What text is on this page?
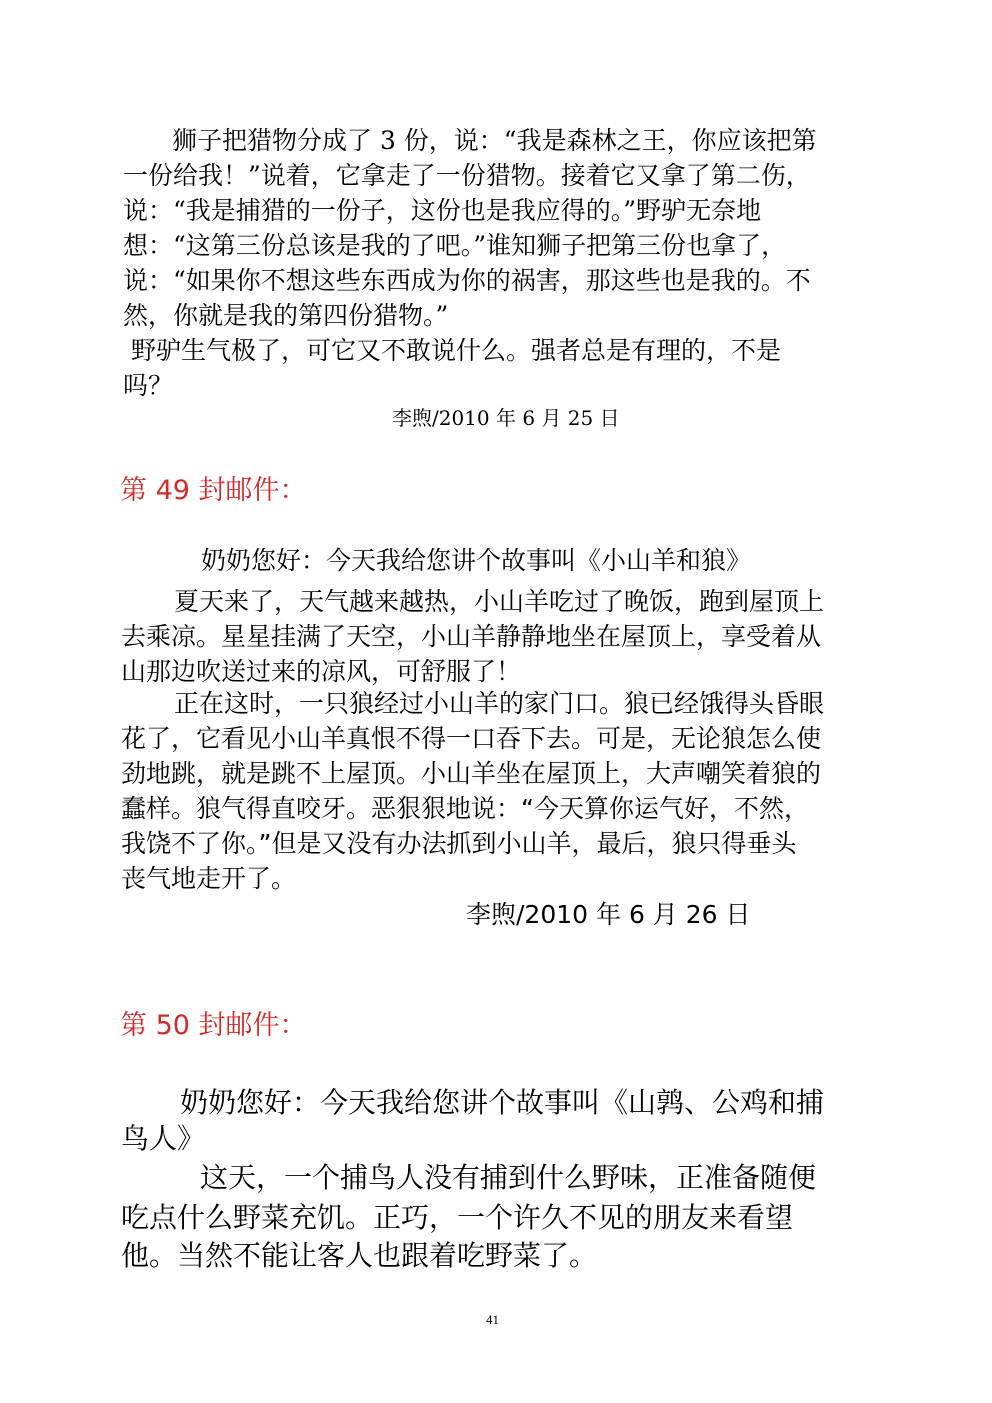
狮子把猎物分成了 3 份，说：“我是森林之王，你应该把第
一份给我！”说着，它拿走了一份猎物。接着它又拿了第二伤，
说：“我是捕猎的一份子，这份也是我应得的。”野驴无奈地
想：“这第三份总该是我的了吧。”谁知狮子把第三份也拿了，
说：“如果你不想这些东西成为你的祸害，那这些也是我的。不
然，你就是我的第四份猎物。”
野驴生气极了，可它又不敢说什么。强者总是有理的，不是
吗？
李煦/2010 年 6 月 25 日
第 49 封邮件：
奶奶您好：今天我给您讲个故事叫《小山羊和狼》
夏天来了，天气越来越热，小山羊吃过了晚饭，跑到屋顶上
去乘凉。星星挂满了天空，小山羊静静地坐在屋顶上，享受着从
山那边吹送过来的凉风，可舒服了！
正在这时，一只狼经过小山羊的家门口。狼已经饿得头昏眼
花了，它看见小山羊真恨不得一口吞下去。可是，无论狼怎么使
劲地跳，就是跳不上屋顶。小山羊坐在屋顶上，大声嘲笑着狼的
蠢样。狼气得直咬牙。恶狠狠地说：“今天算你运气好，不然，
我饶不了你。”但是又没有办法抓到小山羊，最后，狼只得垂头
丧气地走开了。
李煦/2010 年 6 月 26 日
第 50 封邮件：
奶奶您好：今天我给您讲个故事叫《山鹑、公鸡和捕
鸟人》
这天，一个捕鸟人没有捕到什么野味，正准备随便
吃点什么野菜充饥。正巧，一个许久不见的朋友来看望
他。当然不能让客人也跟着吃野菜了。
41
